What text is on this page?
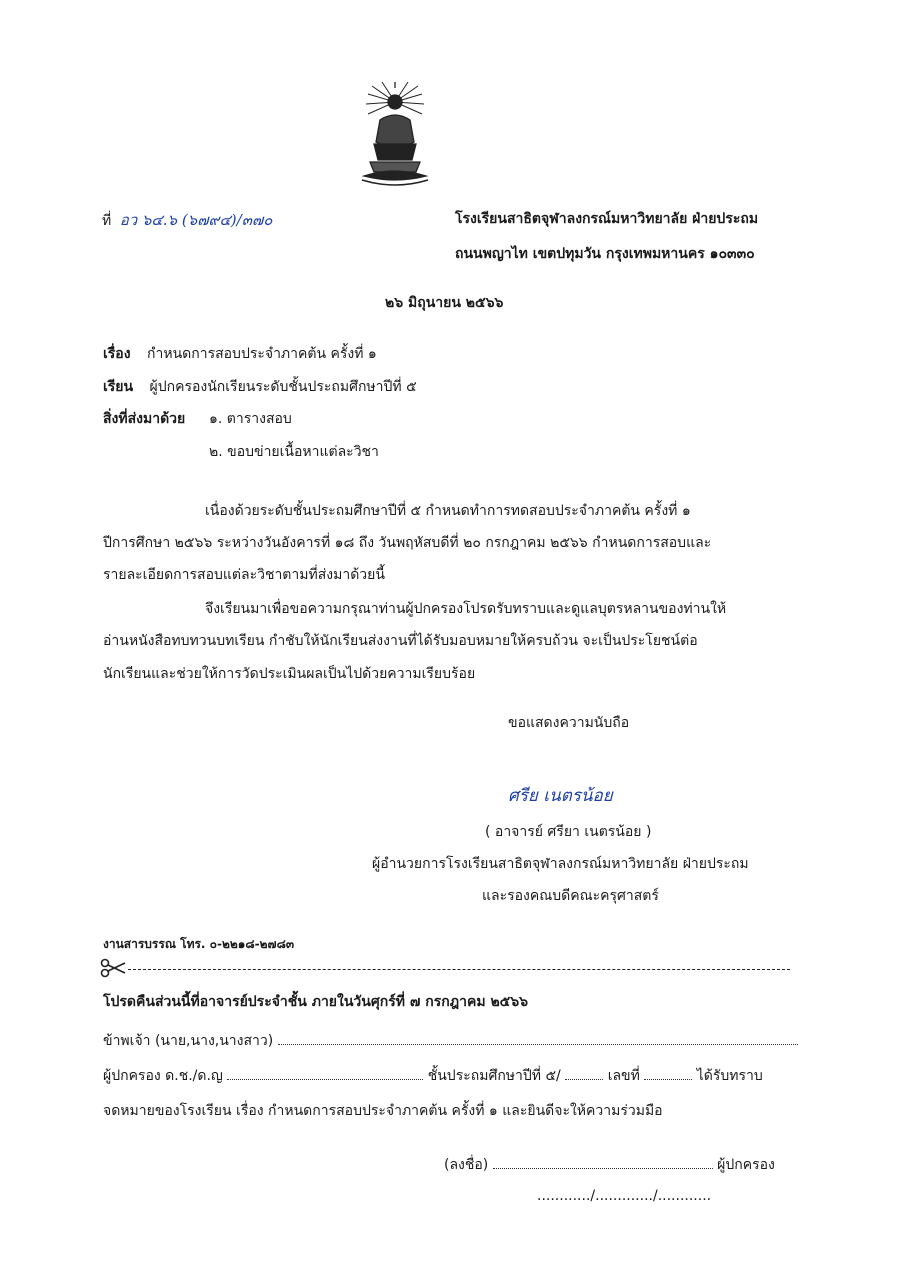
ที่ อว ๖๔.๖ (๖๗๙๔)/๓๗๐	โรงเรียนสาธิตจุฬาลงกรณ์มหาวิทยาลัย ฝ่ายประถม
ถนนพญาไท เขตปทุมวัน กรุงเทพมหานคร ๑๐๓๓๐
๒๖ มิถุนายน ๒๕๖๖
เรื่อง กำหนดการสอบประจำภาคต้น ครั้งที่ ๑
เรียน ผู้ปกครองนักเรียนระดับชั้นประถมศึกษาปีที่ ๕
สิ่งที่ส่งมาด้วย ๑. ตารางสอบ
๒. ขอบข่ายเนื้อหาแต่ละวิชา
เนื่องด้วยระดับชั้นประถมศึกษาปีที่ ๕ กำหนดทำการทดสอบประจำภาคต้น ครั้งที่ ๑
ปีการศึกษา ๒๕๖๖ ระหว่างวันอังคารที่ ๑๘ ถึง วันพฤหัสบดีที่ ๒๐ กรกฎาคม ๒๕๖๖ กำหนดการสอบและ
รายละเอียดการสอบแต่ละวิชาตามที่ส่งมาด้วยนี้
จึงเรียนมาเพื่อขอความกรุณาท่านผู้ปกครองโปรดรับทราบและดูแลบุตรหลานของท่านให้
อ่านหนังสือทบทวนบทเรียน กำชับให้นักเรียนส่งงานที่ได้รับมอบหมายให้ครบถ้วน จะเป็นประโยชน์ต่อ
นักเรียนและช่วยให้การวัดประเมินผลเป็นไปด้วยความเรียบร้อย
ขอแสดงความนับถือ
ศรีย เนตรน้อย
( อาจารย์ ศรียา เนตรน้อย )
ผู้อำนวยการโรงเรียนสาธิตจุฬาลงกรณ์มหาวิทยาลัย ฝ่ายประถม
และรองคณบดีคณะครุศาสตร์
งานสารบรรณ โทร. ๐-๒๒๑๘-๒๗๘๓
โปรดคืนส่วนนี้ที่อาจารย์ประจำชั้น ภายในวันศุกร์ที่ ๗ กรกฎาคม ๒๕๖๖
ข้าพเจ้า (นาย,นาง,นางสาว)
ผู้ปกครอง ด.ช./ด.ญ	ชั้นประถมศึกษาปีที่ ๕/	เลขที่	ได้รับทราบ
จดหมายของโรงเรียน เรื่อง กำหนดการสอบประจำภาคต้น ครั้งที่ ๑ และยินดีจะให้ความร่วมมือ
(ลงชื่อ)	ผู้ปกครอง
............/............./............
